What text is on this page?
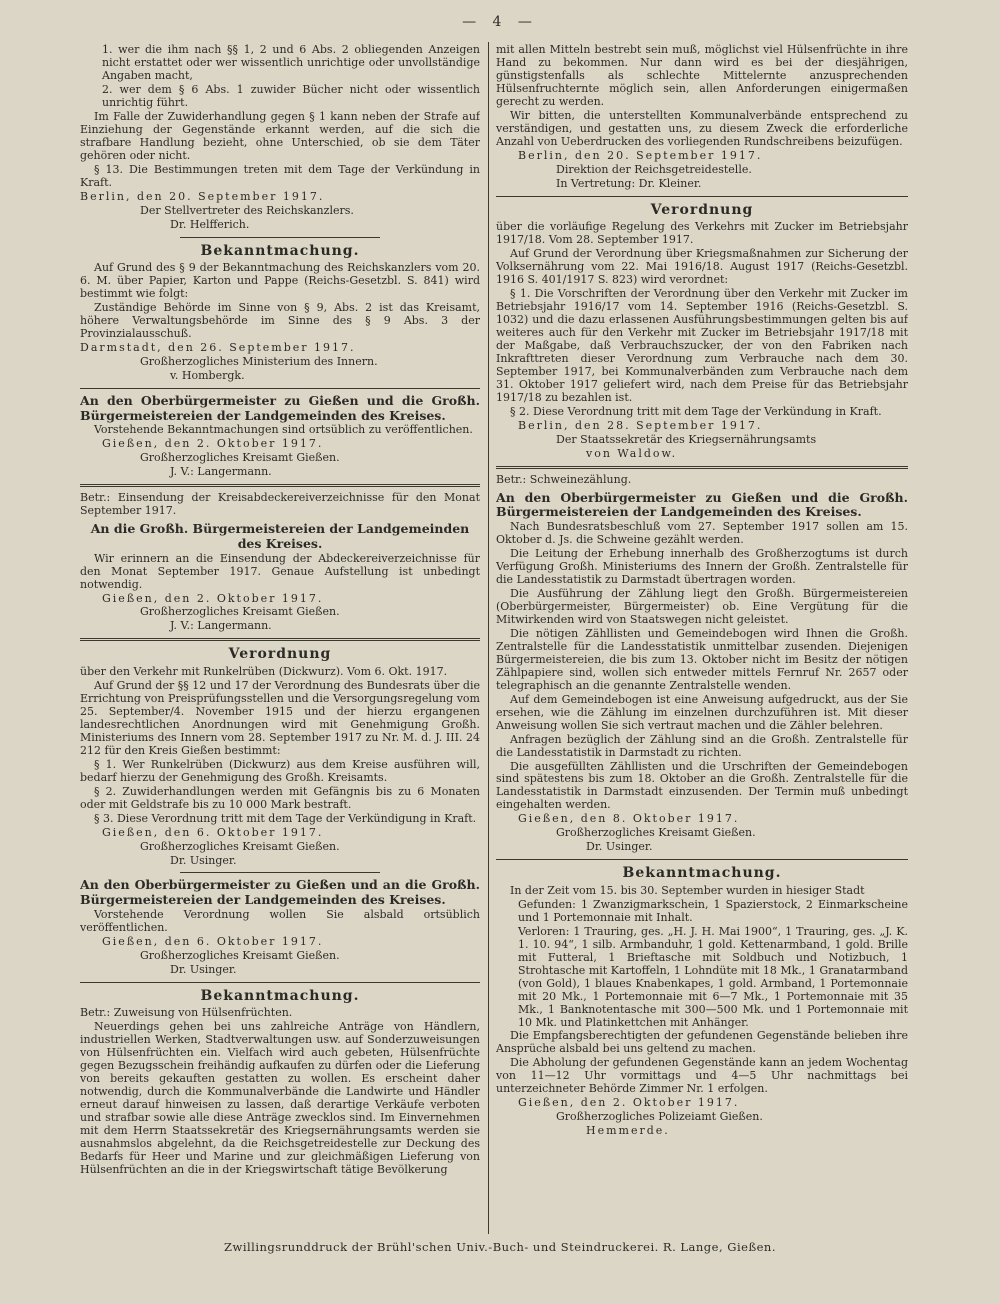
— 4 —

1. wer die ihm nach §§ 1, 2 und 6 Abs. 2 obliegenden Anzeigen nicht erstattet oder wer wissentlich unrichtige oder unvollständige Angaben macht,

2. wer dem § 6 Abs. 1 zuwider Bücher nicht oder wissentlich unrichtig führt.

Im Falle der Zuwiderhandlung gegen § 1 kann neben der Strafe auf Einziehung der Gegenstände erkannt werden, auf die sich die strafbare Handlung bezieht, ohne Unterschied, ob sie dem Täter gehören oder nicht.

§ 13. Die Bestimmungen treten mit dem Tage der Verkündung in Kraft.

Berlin, den 20. September 1917.

Der Stellvertreter des Reichskanzlers.

Dr. Helfferich.

Bekanntmachung.

Auf Grund des § 9 der Bekanntmachung des Reichskanzlers vom 20. 6. M. über Papier, Karton und Pappe (Reichs-Gesetzbl. S. 841) wird bestimmt wie folgt:

Zuständige Behörde im Sinne von § 9, Abs. 2 ist das Kreisamt, höhere Verwaltungsbehörde im Sinne des § 9 Abs. 3 der Provinzialausschuß.

Darmstadt, den 26. September 1917.

Großherzogliches Ministerium des Innern.

v. Hombergk.

An den Oberbürgermeister zu Gießen und die Großh. Bürgermeistereien der Landgemeinden des Kreises.

Vorstehende Bekanntmachungen sind ortsüblich zu veröffentlichen.

Gießen, den 2. Oktober 1917.

Großherzogliches Kreisamt Gießen.

J. V.: Langermann.

Betr.: Einsendung der Kreisabdeckereiverzeichnisse für den Monat September 1917.

An die Großh. Bürgermeistereien der Landgemeinden des Kreises.

Wir erinnern an die Einsendung der Abdeckereiverzeichnisse für den Monat September 1917. Genaue Aufstellung ist unbedingt notwendig.

Gießen, den 2. Oktober 1917.

Großherzogliches Kreisamt Gießen.

J. V.: Langermann.

Verordnung

über den Verkehr mit Runkelrüben (Dickwurz). Vom 6. Okt. 1917.

Auf Grund der §§ 12 und 17 der Verordnung des Bundesrats über die Errichtung von Preisprüfungsstellen und die Versorgungsregelung vom 25. September/4. November 1915 und der hierzu ergangenen landesrechtlichen Anordnungen wird mit Genehmigung Großh. Ministeriums des Innern vom 28. September 1917 zu Nr. M. d. J. III. 24 212 für den Kreis Gießen bestimmt:

§ 1. Wer Runkelrüben (Dickwurz) aus dem Kreise ausführen will, bedarf hierzu der Genehmigung des Großh. Kreisamts.

§ 2. Zuwiderhandlungen werden mit Gefängnis bis zu 6 Monaten oder mit Geldstrafe bis zu 10 000 Mark bestraft.

§ 3. Diese Verordnung tritt mit dem Tage der Verkündigung in Kraft.

Gießen, den 6. Oktober 1917.

Großherzogliches Kreisamt Gießen.

Dr. Usinger.

An den Oberbürgermeister zu Gießen und an die Großh. Bürgermeistereien der Landgemeinden des Kreises.

Vorstehende Verordnung wollen Sie alsbald ortsüblich veröffentlichen.

Gießen, den 6. Oktober 1917.

Großherzogliches Kreisamt Gießen.

Dr. Usinger.

Bekanntmachung.

Betr.: Zuweisung von Hülsenfrüchten.

Neuerdings gehen bei uns zahlreiche Anträge von Händlern, industriellen Werken, Stadtverwaltungen usw. auf Sonderzuweisungen von Hülsenfrüchten ein. Vielfach wird auch gebeten, Hülsenfrüchte gegen Bezugsschein freihändig aufkaufen zu dürfen oder die Lieferung von bereits gekauften gestatten zu wollen. Es erscheint daher notwendig, durch die Kommunalverbände die Landwirte und Händler erneut darauf hinweisen zu lassen, daß derartige Verkäufe verboten und strafbar sowie alle diese Anträge zwecklos sind. Im Einvernehmen mit dem Herrn Staatssekretär des Kriegsernährungsamts werden sie ausnahmslos abgelehnt, da die Reichsgetreidestelle zur Deckung des Bedarfs für Heer und Marine und zur gleichmäßigen Lieferung von Hülsenfrüchten an die in der Kriegswirtschaft tätige Bevölkerung

mit allen Mitteln bestrebt sein muß, möglichst viel Hülsenfrüchte in ihre Hand zu bekommen. Nur dann wird es bei der diesjährigen, günstigstenfalls als schlechte Mittelernte anzusprechenden Hülsenfruchternte möglich sein, allen Anforderungen einigermaßen gerecht zu werden.

Wir bitten, die unterstellten Kommunalverbände entsprechend zu verständigen, und gestatten uns, zu diesem Zweck die erforderliche Anzahl von Ueberdrucken des vorliegenden Rundschreibens beizufügen.

Berlin, den 20. September 1917.

Direktion der Reichsgetreidestelle.

In Vertretung: Dr. Kleiner.

Verordnung

über die vorläufige Regelung des Verkehrs mit Zucker im Betriebsjahr 1917/18. Vom 28. September 1917.

Auf Grund der Verordnung über Kriegsmaßnahmen zur Sicherung der Volksernährung vom 22. Mai 1916/18. August 1917 (Reichs-Gesetzbl. 1916 S. 401/1917 S. 823) wird verordnet:

§ 1. Die Vorschriften der Verordnung über den Verkehr mit Zucker im Betriebsjahr 1916/17 vom 14. September 1916 (Reichs-Gesetzbl. S. 1032) und die dazu erlassenen Ausführungsbestimmungen gelten bis auf weiteres auch für den Verkehr mit Zucker im Betriebsjahr 1917/18 mit der Maßgabe, daß Verbrauchszucker, der von den Fabriken nach Inkrafttreten dieser Verordnung zum Verbrauche nach dem 30. September 1917, bei Kommunalverbänden zum Verbrauche nach dem 31. Oktober 1917 geliefert wird, nach dem Preise für das Betriebsjahr 1917/18 zu bezahlen ist.

§ 2. Diese Verordnung tritt mit dem Tage der Verkündung in Kraft.

Berlin, den 28. September 1917.

Der Staatssekretär des Kriegsernährungsamts

von Waldow.

Betr.: Schweinezählung.

An den Oberbürgermeister zu Gießen und die Großh. Bürgermeistereien der Landgemeinden des Kreises.

Nach Bundesratsbeschluß vom 27. September 1917 sollen am 15. Oktober d. Js. die Schweine gezählt werden.

Die Leitung der Erhebung innerhalb des Großherzogtums ist durch Verfügung Großh. Ministeriums des Innern der Großh. Zentralstelle für die Landesstatistik zu Darmstadt übertragen worden.

Die Ausführung der Zählung liegt den Großh. Bürgermeistereien (Oberbürgermeister, Bürgermeister) ob. Eine Vergütung für die Mitwirkenden wird von Staatswegen nicht geleistet.

Die nötigen Zähllisten und Gemeindebogen wird Ihnen die Großh. Zentralstelle für die Landesstatistik unmittelbar zusenden. Diejenigen Bürgermeistereien, die bis zum 13. Oktober nicht im Besitz der nötigen Zählpapiere sind, wollen sich entweder mittels Fernruf Nr. 2657 oder telegraphisch an die genannte Zentralstelle wenden.

Auf dem Gemeindebogen ist eine Anweisung aufgedruckt, aus der Sie ersehen, wie die Zählung im einzelnen durchzuführen ist. Mit dieser Anweisung wollen Sie sich vertraut machen und die Zähler belehren.

Anfragen bezüglich der Zählung sind an die Großh. Zentralstelle für die Landesstatistik in Darmstadt zu richten.

Die ausgefüllten Zähllisten und die Urschriften der Gemeindebogen sind spätestens bis zum 18. Oktober an die Großh. Zentralstelle für die Landesstatistik in Darmstadt einzusenden. Der Termin muß unbedingt eingehalten werden.

Gießen, den 8. Oktober 1917.

Großherzogliches Kreisamt Gießen.

Dr. Usinger.

Bekanntmachung.

In der Zeit vom 15. bis 30. September wurden in hiesiger Stadt

Gefunden: 1 Zwanzigmarkschein, 1 Spazierstock, 2 Einmarkscheine und 1 Portemonnaie mit Inhalt.

Verloren: 1 Trauring, ges. „H. J. H. Mai 1900“, 1 Trauring, ges. „J. K. 1. 10. 94“, 1 silb. Armbanduhr, 1 gold. Kettenarmband, 1 gold. Brille mit Futteral, 1 Brieftasche mit Soldbuch und Notizbuch, 1 Strohtasche mit Kartoffeln, 1 Lohndüte mit 18 Mk., 1 Granatarmband (von Gold), 1 blaues Knabenkapes, 1 gold. Armband, 1 Portemonnaie mit 20 Mk., 1 Portemonnaie mit 6—7 Mk., 1 Portemonnaie mit 35 Mk., 1 Banknotentasche mit 300—500 Mk. und 1 Portemonnaie mit 10 Mk. und Platinkettchen mit Anhänger.

Die Empfangsberechtigten der gefundenen Gegenstände belieben ihre Ansprüche alsbald bei uns geltend zu machen.

Die Abholung der gefundenen Gegenstände kann an jedem Wochentag von 11—12 Uhr vormittags und 4—5 Uhr nachmittags bei unterzeichneter Behörde Zimmer Nr. 1 erfolgen.

Gießen, den 2. Oktober 1917.

Großherzogliches Polizeiamt Gießen.

Hemmerde.

Zwillingsrunddruck der Brühl'schen Univ.-Buch- und Steindruckerei. R. Lange, Gießen.
